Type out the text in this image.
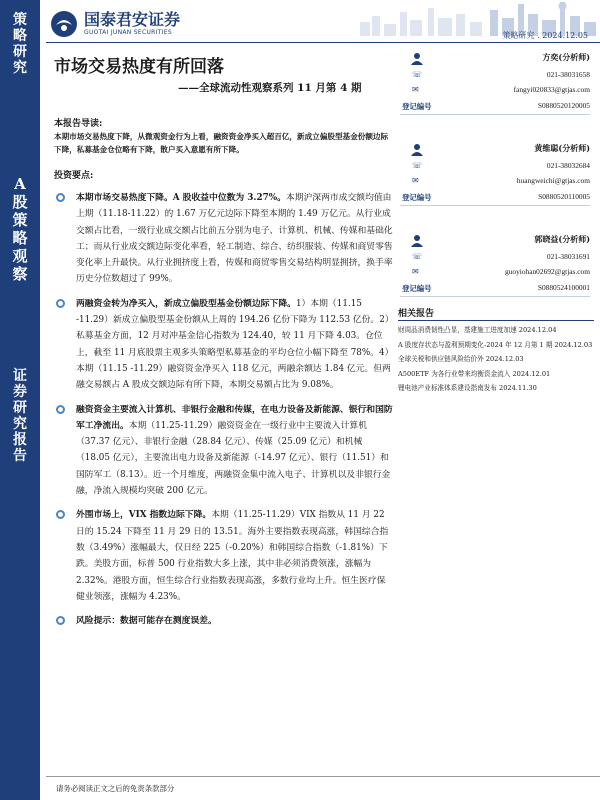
策
略
研
究
A
股
策
略
观
察
证
券
研
究
报
告
国泰君安证券
GUOTAI JUNAN SECURITIES	策略研究 . 2024.12.05
市场交易热度有所回落
——全球流动性观察系列 11 月第 4 期
本报告导读:
本期市场交易热度下降，从微观资金行为上看，融资资金净买入超百亿，新成立偏股型基金份额边际下降，私募基金仓位略有下降，散户买入意愿有所下降。
投资要点:
本期市场交易热度下降。A 股收益中位数为 3.27%。本期沪深两市成交额均值由上期（11.18-11.22）的 1.67 万亿元边际下降至本期的 1.49 万亿元。从行业成交额占比看，一级行业成交额占比前五分别为电子、计算机、机械、传媒和基础化工；而从行业成交额边际变化率看，轻工制造、综合、纺织服装、传媒和商贸零售变化率上升最快。从行业拥挤度上看，传媒和商贸零售交易结构明显拥挤，换手率历史分位数超过了 99%。
两融资金转为净买入，新成立偏股型基金份额边际下降。1）本期（11.15 -11.29）新成立偏股型基金份额从上周的 194.26 亿份下降为 112.53 亿份。2）私募基金方面，12 月对冲基金信心指数为 124.40，较 11 月下降 4.03。仓位上，截至 11 月底股票主观多头策略型私募基金的平均仓位小幅下降至 78%。4）本期（11.15 -11.29）融资资金净买入 118 亿元，两融余额达 1.84 亿元。但两融交易额占 A 股成交额边际有所下降，本期交易额占比为 9.08%。
融资资金主要流入计算机、非银行金融和传媒，在电力设备及新能源、银行和国防军工净流出。本期（11.25-11.29）融资资金在一级行业中主要流入计算机（37.37 亿元）、非银行金融（28.84 亿元）、传媒（25.09 亿元）和机械（18.05 亿元），主要流出电力设备及新能源（-14.97 亿元）、银行（11.51）和国防军工（8.13）。近一个月维度，两融资金集中流入电子、计算机以及非银行金融，净流入规模均突破 200 亿元。
外围市场上，VIX 指数边际下降。本期（11.25-11.29）VIX 指数从 11 月 22 日的 15.24 下降至 11 月 29 日的 13.51。海外主要指数表现高涨，韩国综合指数（3.49%）涨幅最大，仅日经 225（-0.20%）和韩国综合指数（-1.81%）下跌。美股方面，标普 500 行业指数大多上涨，其中非必须消费领涨，涨幅为 2.32%。港股方面，恒生综合行业指数表现高涨，多数行业均上升。恒生医疗保健业领涨，涨幅为 4.23%。
风险提示：数据可能存在测度误差。
方奕(分析师)
☏	021-38031658
✉	fangyi020833@gtjas.com
登记编号	S0880520120005
黄维聪(分析师)
☏	021-38032684
✉	huangweichi@gtjas.com
登记编号	S0880520110005
郭晓益(分析师)
☏	021-38031691
✉	guoyiohan02692@gtjas.com
登记编号	S0880524100001
相关报告
财周品消费韧性凸显，基建施工进度加速 2024.12.04
A 股度存状态与盈利预期变化-2024 年 12 月第 1 期 2024.12.03
全球关税和供应链风险给价外 2024.12.03
A500ETF 为各行业带来均衡资金流入 2024.12.01
锂电池产业标准体系建设指南发布 2024.11.30
请务必阅读正文之后的免责条款部分
